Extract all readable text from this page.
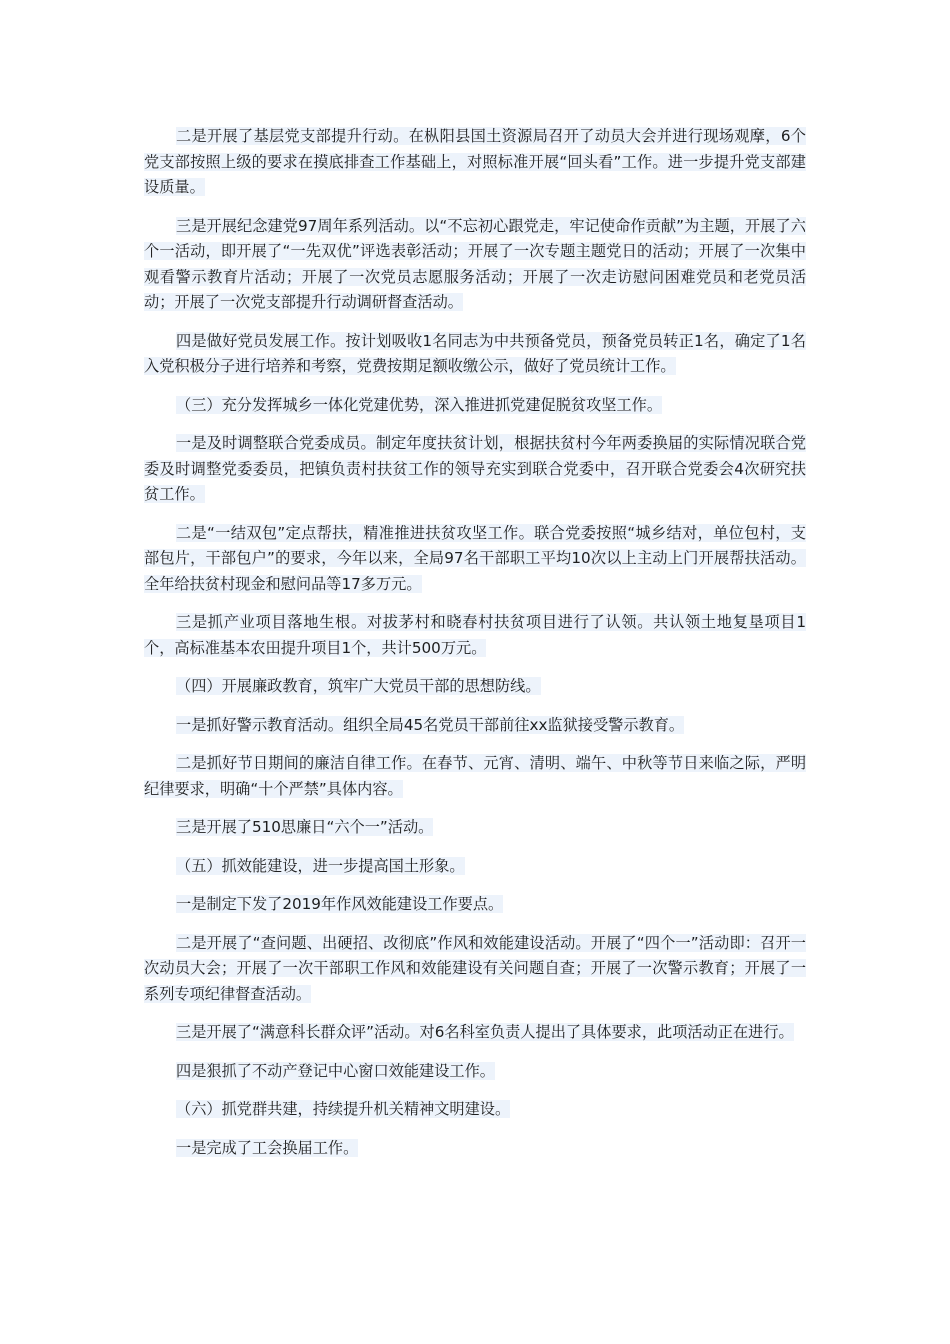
二是开展了基层党支部提升行动。在枞阳县国土资源局召开了动员大会并进行现场观摩，6个党支部按照上级的要求在摸底排查工作基础上，对照标准开展“回头看”工作。进一步提升党支部建设质量。

三是开展纪念建党97周年系列活动。以“不忘初心跟党走，牢记使命作贡献”为主题，开展了六个一活动，即开展了“一先双优”评选表彰活动；开展了一次专题主题党日的活动；开展了一次集中观看警示教育片活动；开展了一次党员志愿服务活动；开展了一次走访慰问困难党员和老党员活动；开展了一次党支部提升行动调研督查活动。

四是做好党员发展工作。按计划吸收1名同志为中共预备党员，预备党员转正1名，确定了1名入党积极分子进行培养和考察，党费按期足额收缴公示，做好了党员统计工作。

（三）充分发挥城乡一体化党建优势，深入推进抓党建促脱贫攻坚工作。

一是及时调整联合党委成员。制定年度扶贫计划，根据扶贫村今年两委换届的实际情况联合党委及时调整党委委员，把镇负责村扶贫工作的领导充实到联合党委中，召开联合党委会4次研究扶贫工作。

二是“一结双包”定点帮扶，精准推进扶贫攻坚工作。联合党委按照“城乡结对，单位包村，支部包片，干部包户”的要求，今年以来，全局97名干部职工平均10次以上主动上门开展帮扶活动。全年给扶贫村现金和慰问品等17多万元。

三是抓产业项目落地生根。对拔茅村和晓春村扶贫项目进行了认领。共认领土地复垦项目1个，高标准基本农田提升项目1个，共计500万元。

（四）开展廉政教育，筑牢广大党员干部的思想防线。

一是抓好警示教育活动。组织全局45名党员干部前往xx监狱接受警示教育。

二是抓好节日期间的廉洁自律工作。在春节、元宵、清明、端午、中秋等节日来临之际，严明纪律要求，明确“十个严禁”具体内容。

三是开展了510思廉日“六个一”活动。

（五）抓效能建设，进一步提高国土形象。

一是制定下发了2019年作风效能建设工作要点。

二是开展了“查问题、出硬招、改彻底”作风和效能建设活动。开展了“四个一”活动即：召开一次动员大会；开展了一次干部职工作风和效能建设有关问题自查；开展了一次警示教育；开展了一系列专项纪律督查活动。

三是开展了“满意科长群众评”活动。对6名科室负责人提出了具体要求，此项活动正在进行。

四是狠抓了不动产登记中心窗口效能建设工作。

（六）抓党群共建，持续提升机关精神文明建设。

一是完成了工会换届工作。
